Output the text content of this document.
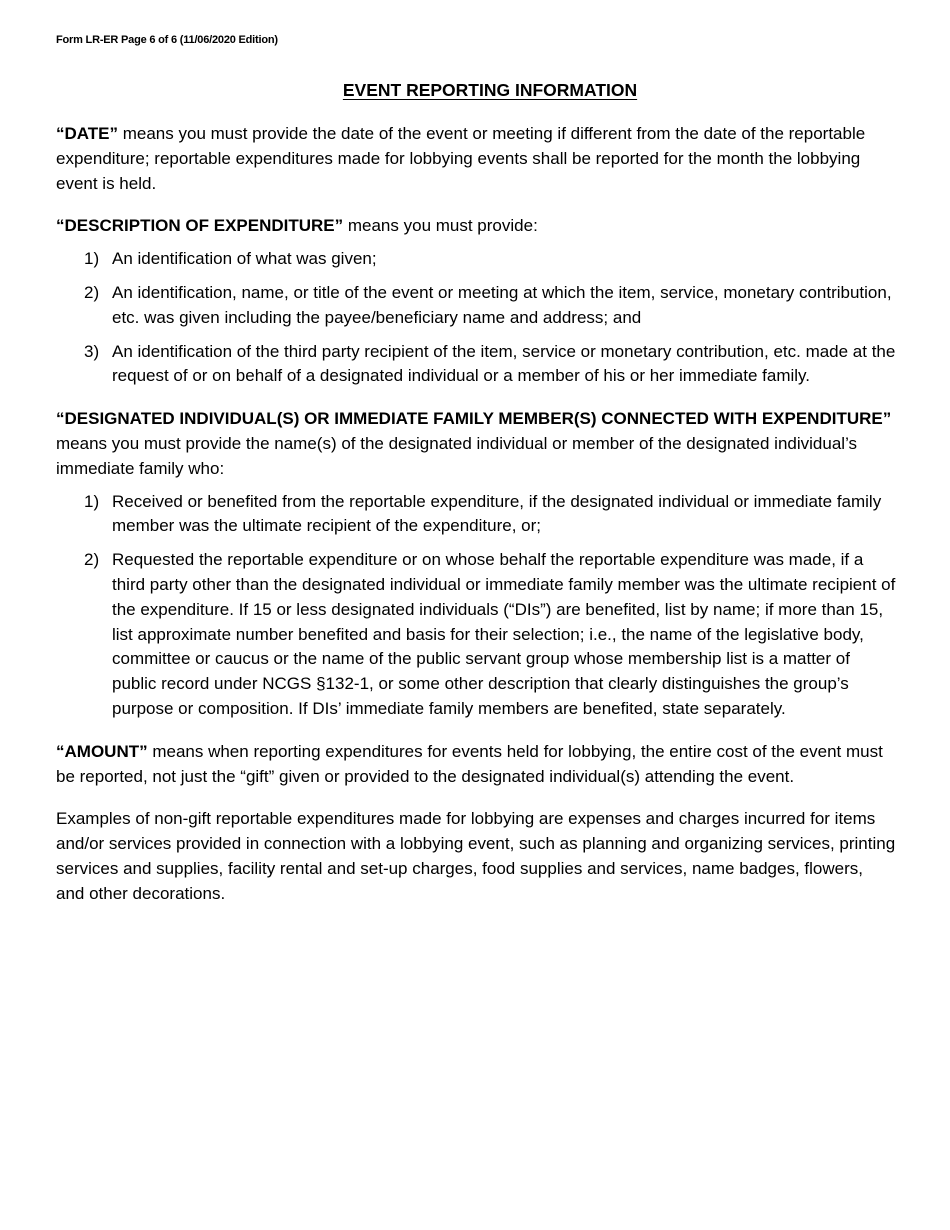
Form LR-ER Page 6 of 6 (11/06/2020 Edition)
EVENT REPORTING INFORMATION

“DATE” means you must provide the date of the event or meeting if different from the date of the reportable expenditure; reportable expenditures made for lobbying events shall be reported for the month the lobbying event is held.

“DESCRIPTION OF EXPENDITURE” means you must provide:

1) An identification of what was given;
2) An identification, name, or title of the event or meeting at which the item, service, monetary contribution, etc. was given including the payee/beneficiary name and address; and
3) An identification of the third party recipient of the item, service or monetary contribution, etc. made at the request of or on behalf of a designated individual or a member of his or her immediate family.

“DESIGNATED INDIVIDUAL(S) OR IMMEDIATE FAMILY MEMBER(S) CONNECTED WITH EXPENDITURE” means you must provide the name(s) of the designated individual or member of the designated individual’s immediate family who:

1) Received or benefited from the reportable expenditure, if the designated individual or immediate family member was the ultimate recipient of the expenditure, or;
2) Requested the reportable expenditure or on whose behalf the reportable expenditure was made, if a third party other than the designated individual or immediate family member was the ultimate recipient of the expenditure. If 15 or less designated individuals (“DIs”) are benefited, list by name; if more than 15, list approximate number benefited and basis for their selection; i.e., the name of the legislative body, committee or caucus or the name of the public servant group whose membership list is a matter of public record under NCGS §132-1, or some other description that clearly distinguishes the group’s purpose or composition. If DIs’ immediate family members are benefited, state separately.

“AMOUNT” means when reporting expenditures for events held for lobbying, the entire cost of the event must be reported, not just the “gift” given or provided to the designated individual(s) attending the event.

Examples of non-gift reportable expenditures made for lobbying are expenses and charges incurred for items and/or services provided in connection with a lobbying event, such as planning and organizing services, printing services and supplies, facility rental and set-up charges, food supplies and services, name badges, flowers, and other decorations.
